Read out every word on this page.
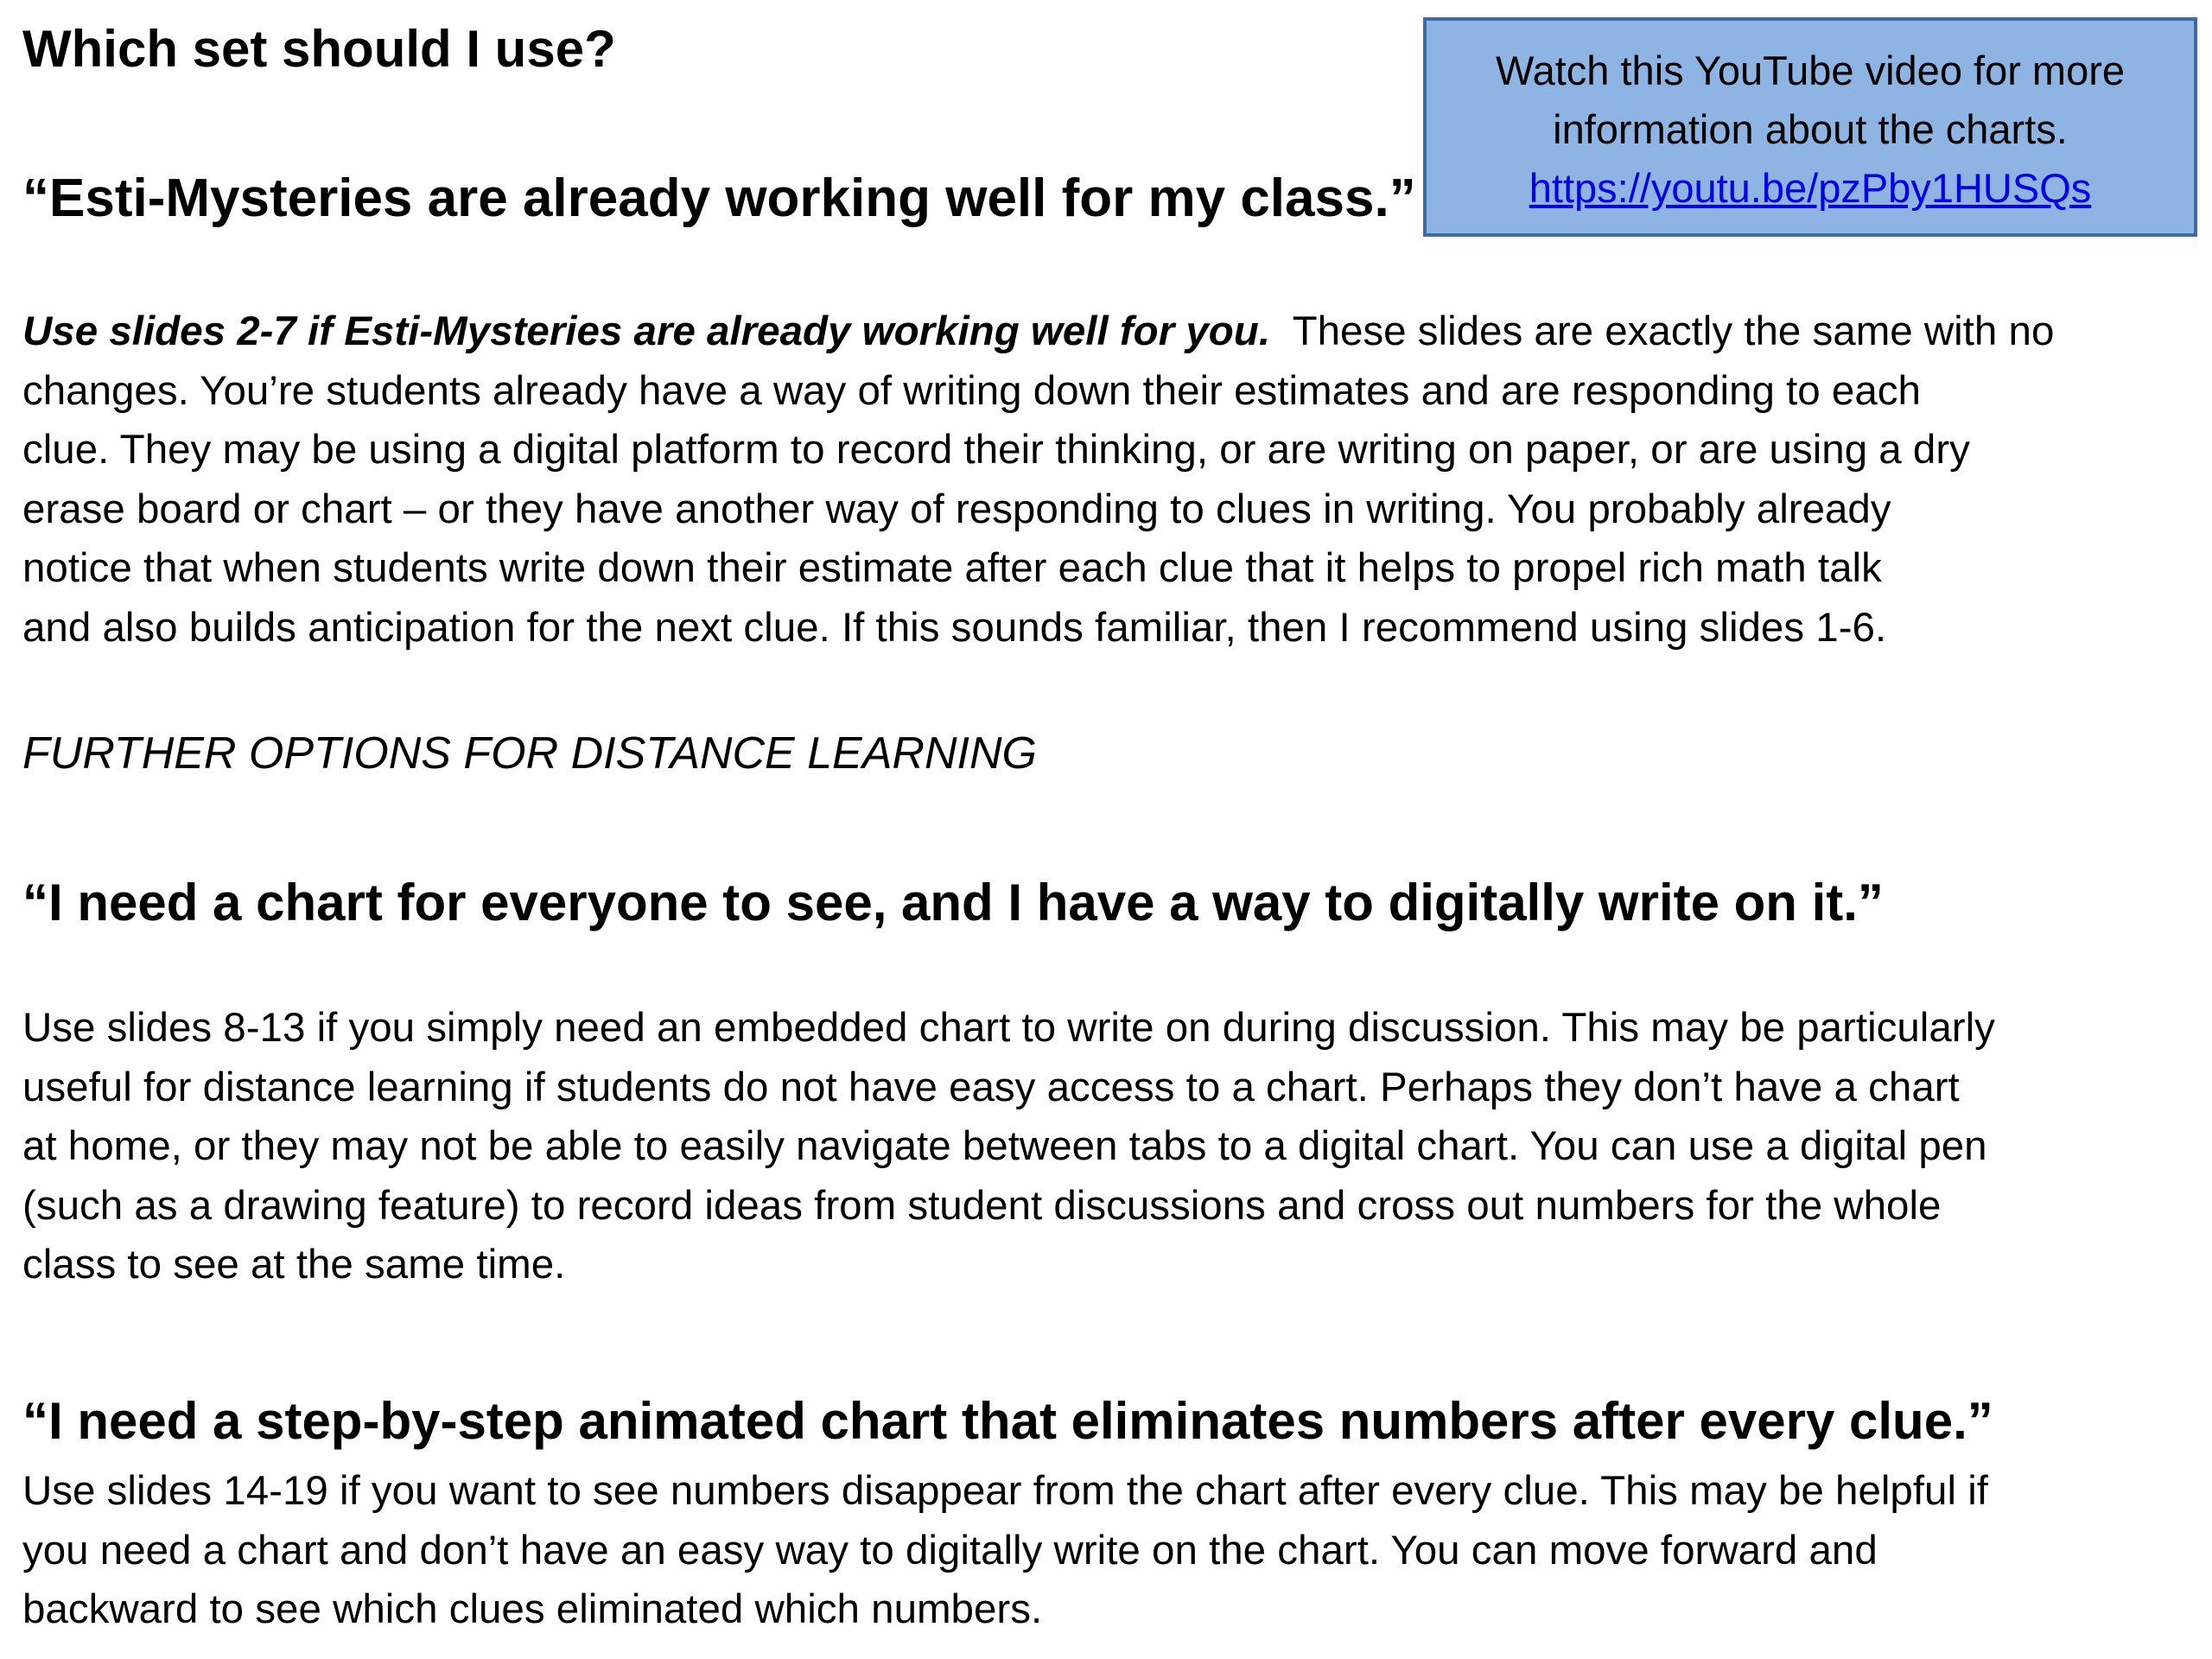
Which set should I use?	Watch this YouTube video for more
information about the charts.
https://youtu.be/pzPby1HUSQs
“Esti-Mysteries are already working well for my class.”

Use slides 2-7 if Esti-Mysteries are already working well for you.  These slides are exactly the same with no
changes. You’re students already have a way of writing down their estimates and are responding to each
clue. They may be using a digital platform to record their thinking, or are writing on paper, or are using a dry
erase board or chart – or they have another way of responding to clues in writing. You probably already
notice that when students write down their estimate after each clue that it helps to propel rich math talk
and also builds anticipation for the next clue. If this sounds familiar, then I recommend using slides 1-6.

FURTHER OPTIONS FOR DISTANCE LEARNING

“I need a chart for everyone to see, and I have a way to digitally write on it.”

Use slides 8-13 if you simply need an embedded chart to write on during discussion. This may be particularly
useful for distance learning if students do not have easy access to a chart. Perhaps they don’t have a chart
at home, or they may not be able to easily navigate between tabs to a digital chart. You can use a digital pen
(such as a drawing feature) to record ideas from student discussions and cross out numbers for the whole
class to see at the same time.

“I need a step-by-step animated chart that eliminates numbers after every clue.”

Use slides 14-19 if you want to see numbers disappear from the chart after every clue. This may be helpful if
you need a chart and don’t have an easy way to digitally write on the chart. You can move forward and
backward to see which clues eliminated which numbers.
